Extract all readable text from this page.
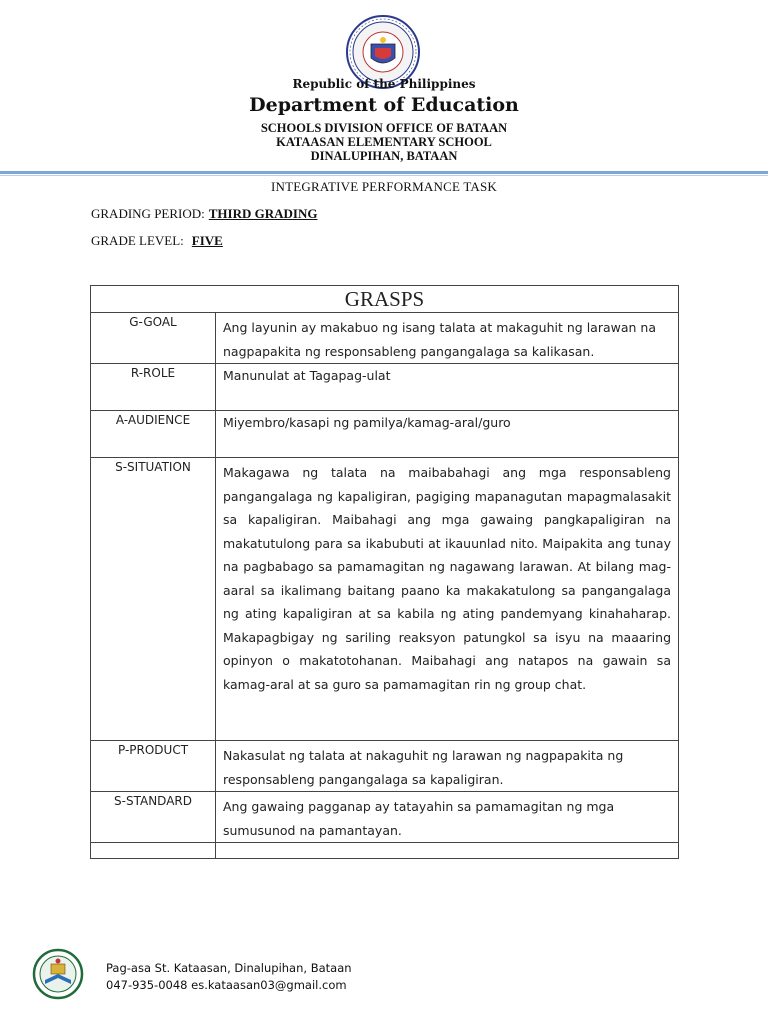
Republic of the Philippines
Department of Education
SCHOOLS DIVISION OFFICE OF BATAAN
KATAASAN ELEMENTARY SCHOOL
DINALUPIHAN, BATAAN
INTEGRATIVE PERFORMANCE TASK
GRADING PERIOD: THIRD GRADING
GRADE LEVEL: FIVE
GRASPS	
G-GOAL	Ang layunin ay makabuo ng isang talata at makaguhit ng larawan na nagpapakita ng responsableng pangangalaga sa kalikasan.
R-ROLE	Manunulat at Tagapag-ulat
A-AUDIENCE	Miyembro/kasapi ng pamilya/kamag-aral/guro
S-SITUATION	Makagawa ng talata na maibabahagi ang mga responsableng pangangalaga ng kapaligiran, pagiging mapanagutan mapagmalasakit sa kapaligiran. Maibahagi ang mga gawaing pangkapaligiran na makatutulong para sa ikabubuti at ikauunlad nito. Maipakita ang tunay na pagbabago sa pamamagitan ng nagawang larawan. At bilang mag-aaral sa ikalimang baitang paano ka makakatulong sa pangangalaga ng ating kapaligiran at sa kabila ng ating pandemyang kinahaharap. Makapagbigay ng sariling reaksyon patungkol sa isyu na maaaring opinyon o makatotohanan. Maibahagi ang natapos na gawain sa kamag-aral at sa guro sa pamamagitan rin ng group chat.
P-PRODUCT	Nakasulat ng talata at nakaguhit ng larawan ng nagpapakita ng responsableng pangangalaga sa kapaligiran.
S-STANDARD	Ang gawaing pagganap ay tatayahin sa pamamagitan ng mga sumusunod na pamantayan.

Pag-asa St. Kataasan, Dinalupihan, Bataan
047-935-0048 es.kataasan03@gmail.com
